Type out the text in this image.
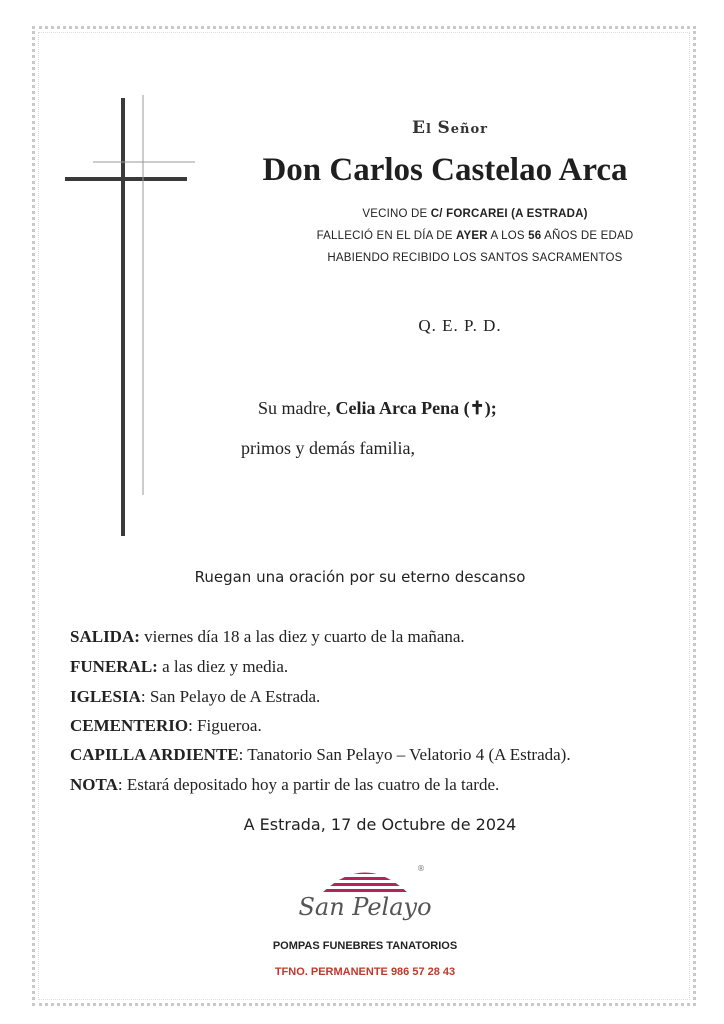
El Señor
Don Carlos Castelao Arca
VECINO DE C/ FORCAREI (A ESTRADA)
FALLECIÓ EN EL DÍA DE AYER A LOS 56 AÑOS DE EDAD
HABIENDO RECIBIDO LOS SANTOS SACRAMENTOS
Q. E. P. D.
Su madre, Celia Arca Pena (✝);
primos y demás familia,
Ruegan una oración por su eterno descanso
SALIDA: viernes día 18 a las diez y cuarto de la mañana.
FUNERAL: a las diez y media.
IGLESIA: San Pelayo de A Estrada.
CEMENTERIO: Figueroa.
CAPILLA ARDIENTE: Tanatorio San Pelayo – Velatorio 4 (A Estrada).
NOTA: Estará depositado hoy a partir de las cuatro de la tarde.
A Estrada, 17 de Octubre de 2024
San Pelayo
®
POMPAS FUNEBRES TANATORIOS
TFNO. PERMANENTE 986 57 28 43
